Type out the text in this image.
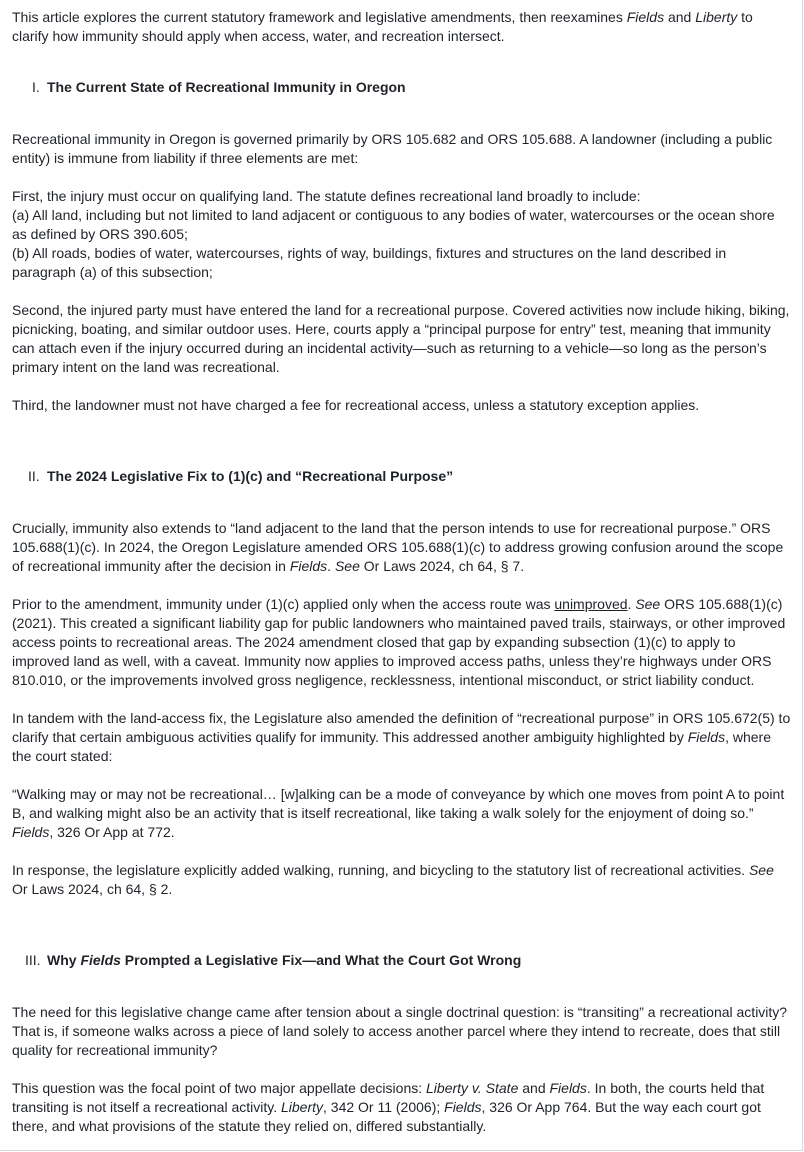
This article explores the current statutory framework and legislative amendments, then reexamines Fields and Liberty to clarify how immunity should apply when access, water, and recreation intersect.

I. The Current State of Recreational Immunity in Oregon

Recreational immunity in Oregon is governed primarily by ORS 105.682 and ORS 105.688. A landowner (including a public entity) is immune from liability if three elements are met:

First, the injury must occur on qualifying land. The statute defines recreational land broadly to include:
(a) All land, including but not limited to land adjacent or contiguous to any bodies of water, watercourses or the ocean shore as defined by ORS 390.605;
(b) All roads, bodies of water, watercourses, rights of way, buildings, fixtures and structures on the land described in paragraph (a) of this subsection;

Second, the injured party must have entered the land for a recreational purpose. Covered activities now include hiking, biking, picnicking, boating, and similar outdoor uses. Here, courts apply a “principal purpose for entry” test, meaning that immunity can attach even if the injury occurred during an incidental activity—such as returning to a vehicle—so long as the person’s primary intent on the land was recreational.

Third, the landowner must not have charged a fee for recreational access, unless a statutory exception applies.

II. The 2024 Legislative Fix to (1)(c) and “Recreational Purpose”

Crucially, immunity also extends to “land adjacent to the land that the person intends to use for recreational purpose.” ORS 105.688(1)(c). In 2024, the Oregon Legislature amended ORS 105.688(1)(c) to address growing confusion around the scope of recreational immunity after the decision in Fields. See Or Laws 2024, ch 64, § 7.

Prior to the amendment, immunity under (1)(c) applied only when the access route was unimproved. See ORS 105.688(1)(c) (2021). This created a significant liability gap for public landowners who maintained paved trails, stairways, or other improved access points to recreational areas. The 2024 amendment closed that gap by expanding subsection (1)(c) to apply to improved land as well, with a caveat. Immunity now applies to improved access paths, unless they’re highways under ORS 810.010, or the improvements involved gross negligence, recklessness, intentional misconduct, or strict liability conduct.

In tandem with the land-access fix, the Legislature also amended the definition of “recreational purpose” in ORS 105.672(5) to clarify that certain ambiguous activities qualify for immunity. This addressed another ambiguity highlighted by Fields, where the court stated:

“Walking may or may not be recreational… [w]alking can be a mode of conveyance by which one moves from point A to point B, and walking might also be an activity that is itself recreational, like taking a walk solely for the enjoyment of doing so.” Fields, 326 Or App at 772.

In response, the legislature explicitly added walking, running, and bicycling to the statutory list of recreational activities. See Or Laws 2024, ch 64, § 2.

III. Why Fields Prompted a Legislative Fix—and What the Court Got Wrong

The need for this legislative change came after tension about a single doctrinal question: is “transiting” a recreational activity? That is, if someone walks across a piece of land solely to access another parcel where they intend to recreate, does that still quality for recreational immunity?

This question was the focal point of two major appellate decisions: Liberty v. State and Fields. In both, the courts held that transiting is not itself a recreational activity. Liberty, 342 Or 11 (2006); Fields, 326 Or App 764. But the way each court got there, and what provisions of the statute they relied on, differed substantially.
